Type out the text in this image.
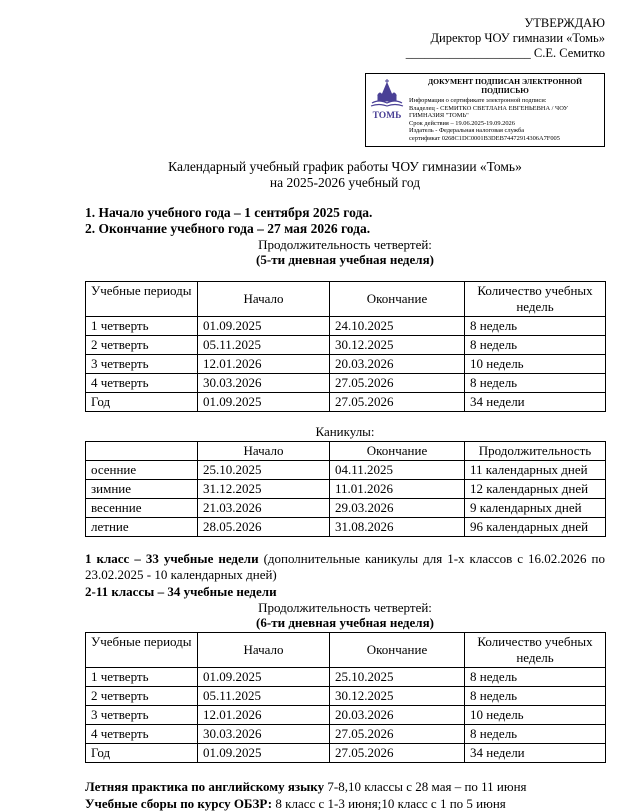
УТВЕРЖДАЮ
Директор ЧОУ гимназии «Томь»
____________________ С.Е. Семитко
ТОМЬ
ДОКУМЕНТ ПОДПИСАН ЭЛЕКТРОННОЙ ПОДПИСЬЮ
Информация о сертификате электронной подписи:
Владелец - СЕМИТКО СВЕТЛАНА ЕВГЕНЬЕВНА / ЧОУ ГИМНАЗИЯ "ТОМЬ"
Срок действия – 19.06.2025-19.09.2026
Издатель - Федеральная налоговая служба
сертификат 0268C1DC0001B3DEB74472914306A7F005
Календарный учебный график работы ЧОУ гимназии «Томь»
на 2025-2026 учебный год
1. Начало учебного года – 1 сентября 2025 года.
2. Окончание учебного года – 27 мая 2026 года.
Продолжительность четвертей:
(5-ти дневная учебная неделя)
Учебные периоды	Начало	Окончание	Количество учебных недель
1 четверть	01.09.2025	24.10.2025	8 недель
2 четверть	05.11.2025	30.12.2025	8 недель
3 четверть	12.01.2026	20.03.2026	10 недель
4 четверть	30.03.2026	27.05.2026	8 недель
Год	01.09.2025	27.05.2026	34 недели
Каникулы:
	Начало	Окончание	Продолжительность
осенние	25.10.2025	04.11.2025	11 календарных дней
зимние	31.12.2025	11.01.2026	12 календарных дней
весенние	21.03.2026	29.03.2026	9 календарных дней
летние	28.05.2026	31.08.2026	96 календарных дней

1 класс – 33 учебные недели (дополнительные каникулы для 1-х классов с 16.02.2026 по 23.02.2025 - 10 календарных дней)

2-11 классы – 34 учебные недели

Продолжительность четвертей:
(6-ти дневная учебная неделя)
Учебные периоды	Начало	Окончание	Количество учебных недель
1 четверть	01.09.2025	25.10.2025	8 недель
2 четверть	05.11.2025	30.12.2025	8 недель
3 четверть	12.01.2026	20.03.2026	10 недель
4 четверть	30.03.2026	27.05.2026	8 недель
Год	01.09.2025	27.05.2026	34 недели

Летняя практика по английскому языку 7-8,10 классы с 28 мая – по 11 июня

Учебные сборы по курсу ОБЗР: 8 класс с 1-3 июня;10 класс с 1 по 5 июня
